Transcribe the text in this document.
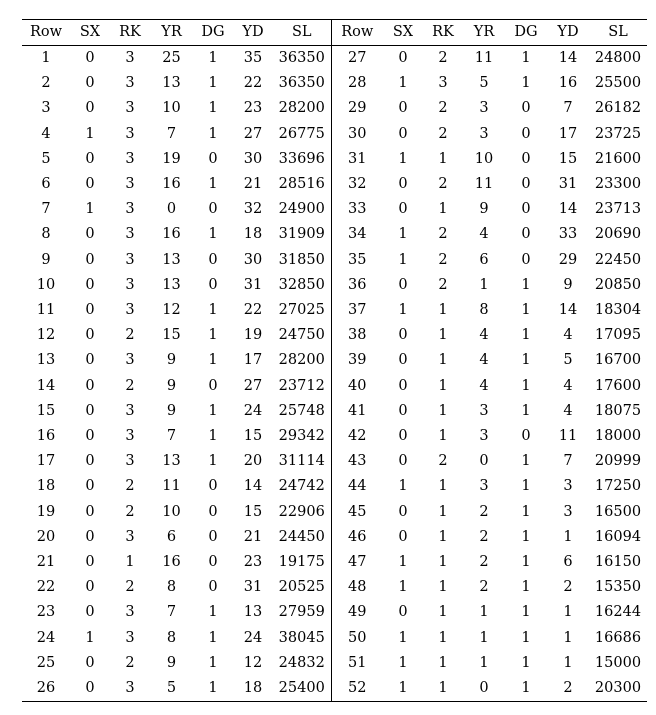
Row	SX	RK	YR	DG	YD	SL	Row	SX	RK	YR	DG	YD	SL
1	0	3	25	1	35	36350	27	0	2	11	1	14	24800
2	0	3	13	1	22	36350	28	1	3	5	1	16	25500
3	0	3	10	1	23	28200	29	0	2	3	0	7	26182
4	1	3	7	1	27	26775	30	0	2	3	0	17	23725
5	0	3	19	0	30	33696	31	1	1	10	0	15	21600
6	0	3	16	1	21	28516	32	0	2	11	0	31	23300
7	1	3	0	0	32	24900	33	0	1	9	0	14	23713
8	0	3	16	1	18	31909	34	1	2	4	0	33	20690
9	0	3	13	0	30	31850	35	1	2	6	0	29	22450
10	0	3	13	0	31	32850	36	0	2	1	1	9	20850
11	0	3	12	1	22	27025	37	1	1	8	1	14	18304
12	0	2	15	1	19	24750	38	0	1	4	1	4	17095
13	0	3	9	1	17	28200	39	0	1	4	1	5	16700
14	0	2	9	0	27	23712	40	0	1	4	1	4	17600
15	0	3	9	1	24	25748	41	0	1	3	1	4	18075
16	0	3	7	1	15	29342	42	0	1	3	0	11	18000
17	0	3	13	1	20	31114	43	0	2	0	1	7	20999
18	0	2	11	0	14	24742	44	1	1	3	1	3	17250
19	0	2	10	0	15	22906	45	0	1	2	1	3	16500
20	0	3	6	0	21	24450	46	0	1	2	1	1	16094
21	0	1	16	0	23	19175	47	1	1	2	1	6	16150
22	0	2	8	0	31	20525	48	1	1	2	1	2	15350
23	0	3	7	1	13	27959	49	0	1	1	1	1	16244
24	1	3	8	1	24	38045	50	1	1	1	1	1	16686
25	0	2	9	1	12	24832	51	1	1	1	1	1	15000
26	0	3	5	1	18	25400	52	1	1	0	1	2	20300
